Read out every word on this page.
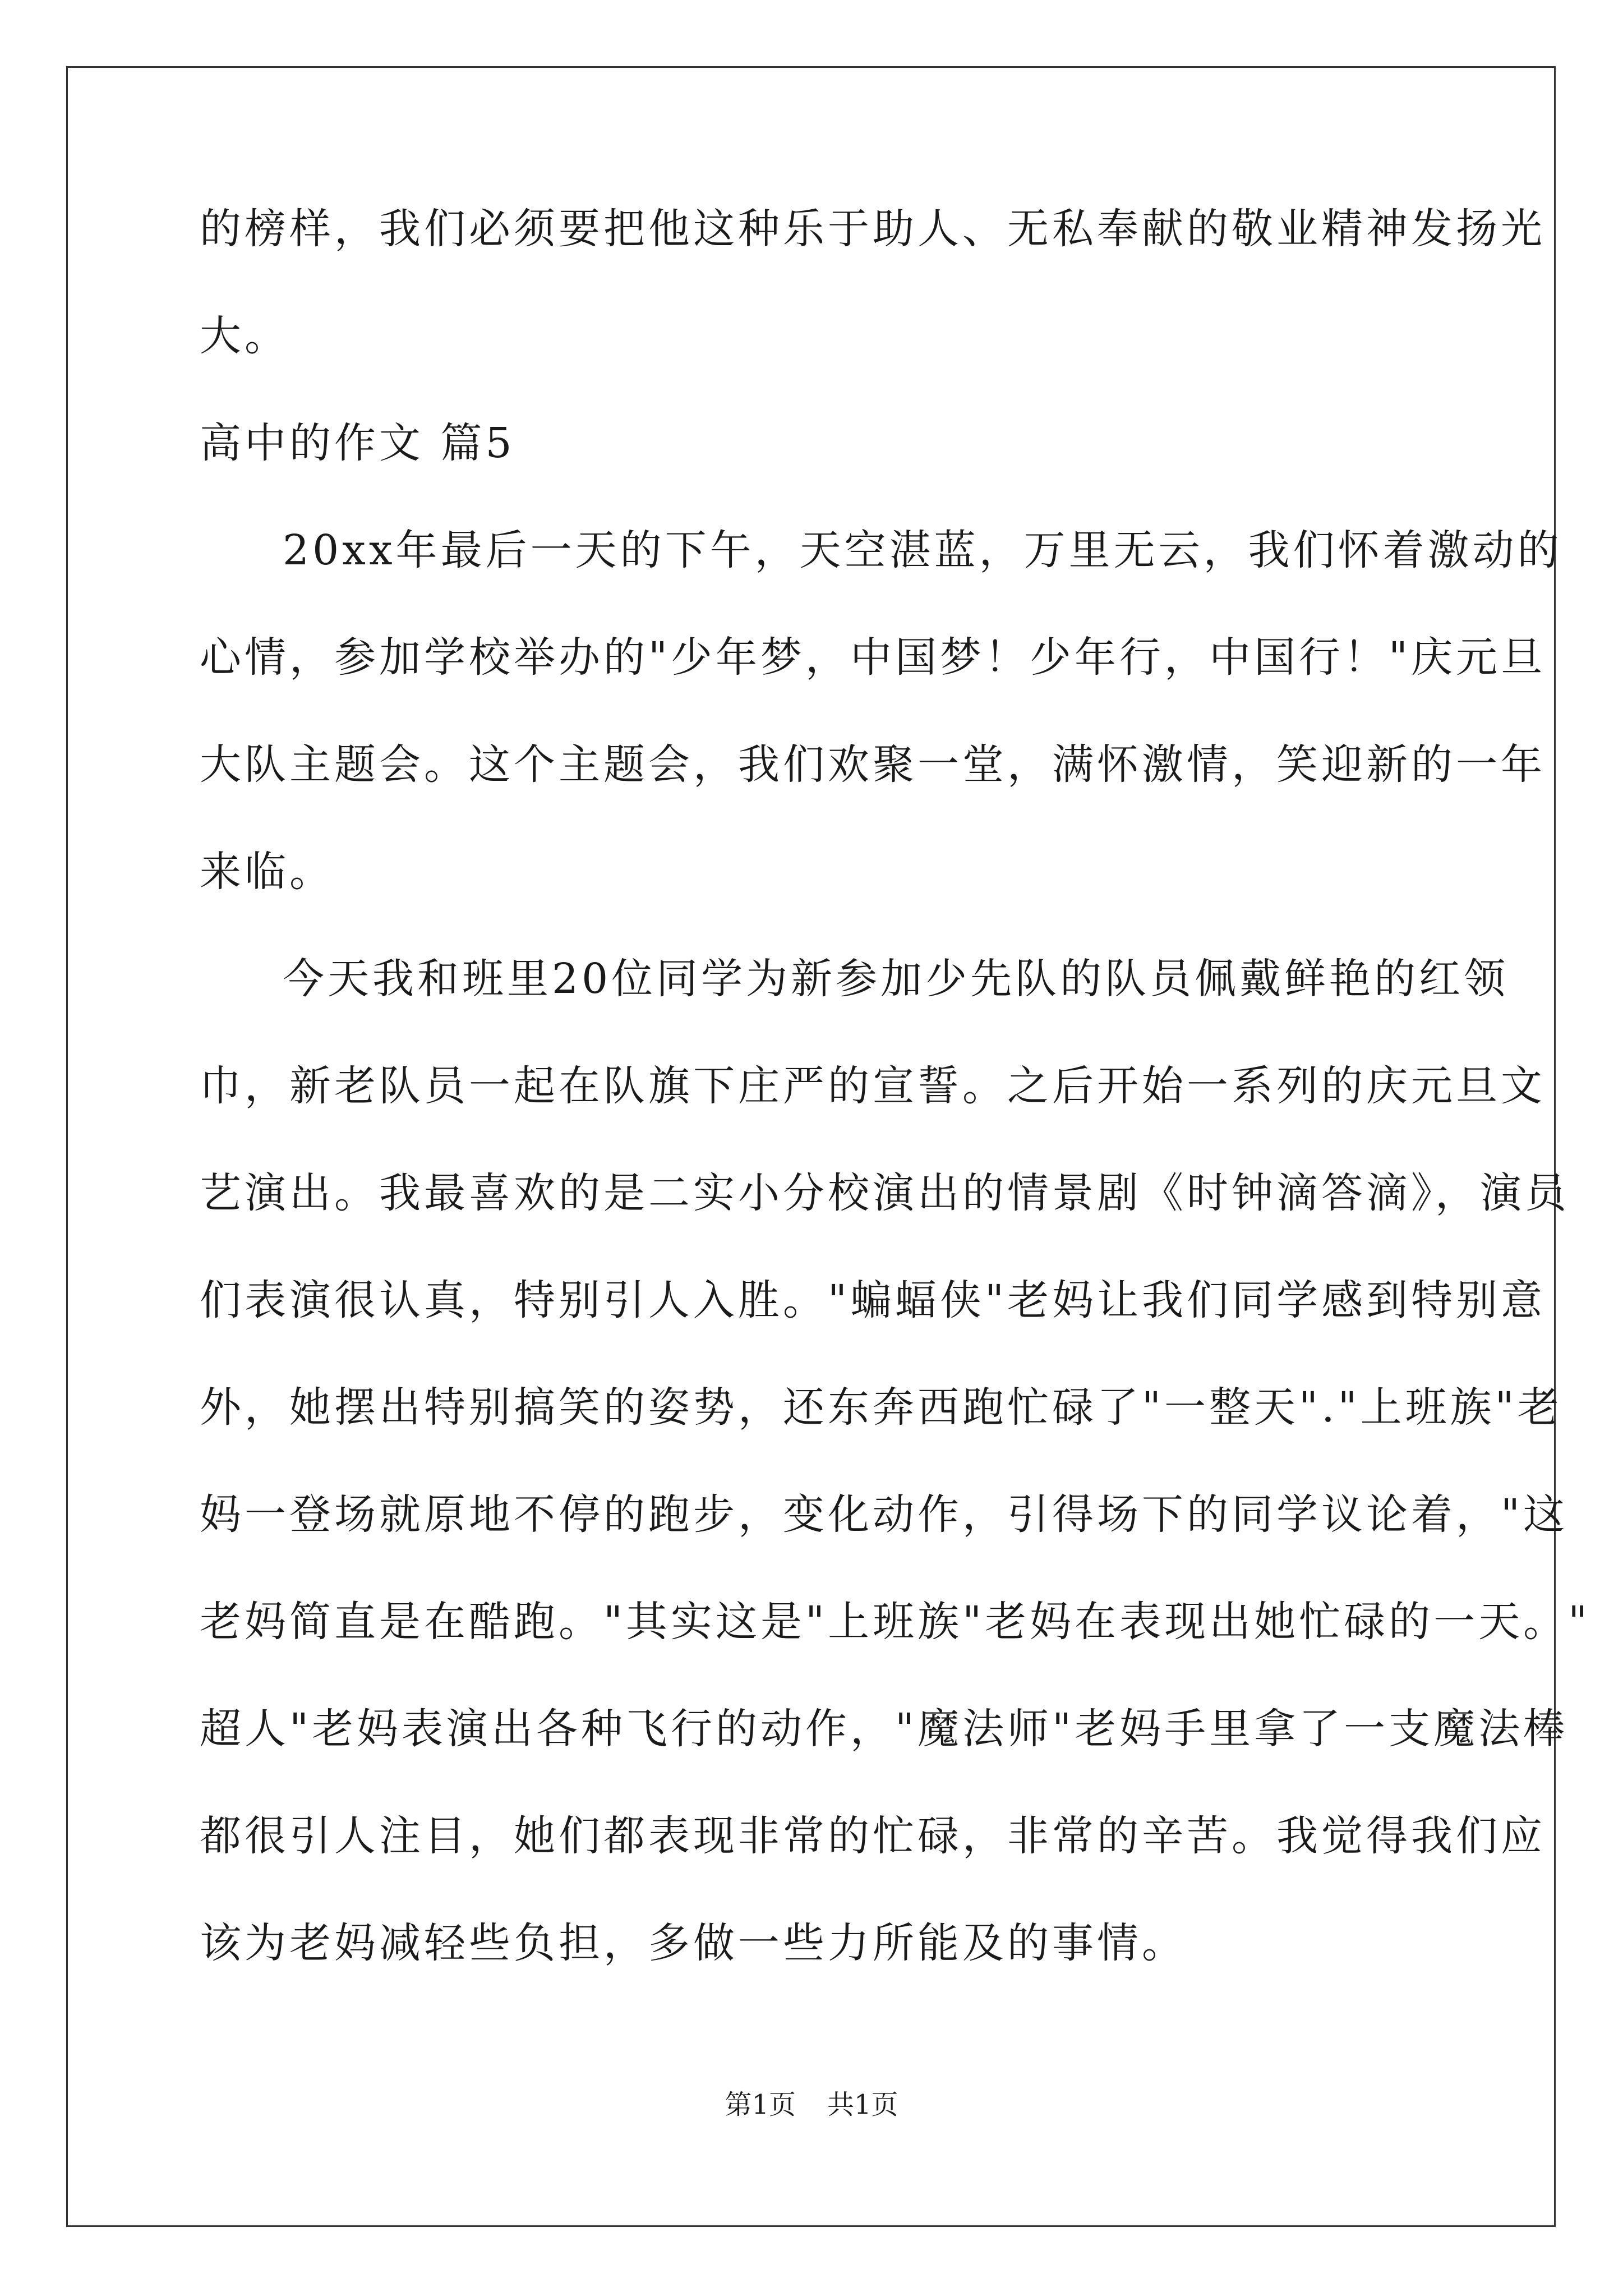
的榜样，我们必须要把他这种乐于助人、无私奉献的敬业精神发扬光
大。
高中的作文 篇5
20xx年最后一天的下午，天空湛蓝，万里无云，我们怀着激动的
心情，参加学校举办的"少年梦，中国梦！少年行，中国行！"庆元旦
大队主题会。这个主题会，我们欢聚一堂，满怀激情，笑迎新的一年
来临。
今天我和班里20位同学为新参加少先队的队员佩戴鲜艳的红领
巾，新老队员一起在队旗下庄严的宣誓。之后开始一系列的庆元旦文
艺演出。我最喜欢的是二实小分校演出的情景剧《时钟滴答滴》，演员
们表演很认真，特别引人入胜。"蝙蝠侠"老妈让我们同学感到特别意
外，她摆出特别搞笑的姿势，还东奔西跑忙碌了"一整天"."上班族"老
妈一登场就原地不停的跑步，变化动作，引得场下的同学议论着，"这
老妈简直是在酷跑。"其实这是"上班族"老妈在表现出她忙碌的一天。"
超人"老妈表演出各种飞行的动作，"魔法师"老妈手里拿了一支魔法棒
都很引人注目，她们都表现非常的忙碌，非常的辛苦。我觉得我们应
该为老妈减轻些负担，多做一些力所能及的事情。
第1页 共1页
